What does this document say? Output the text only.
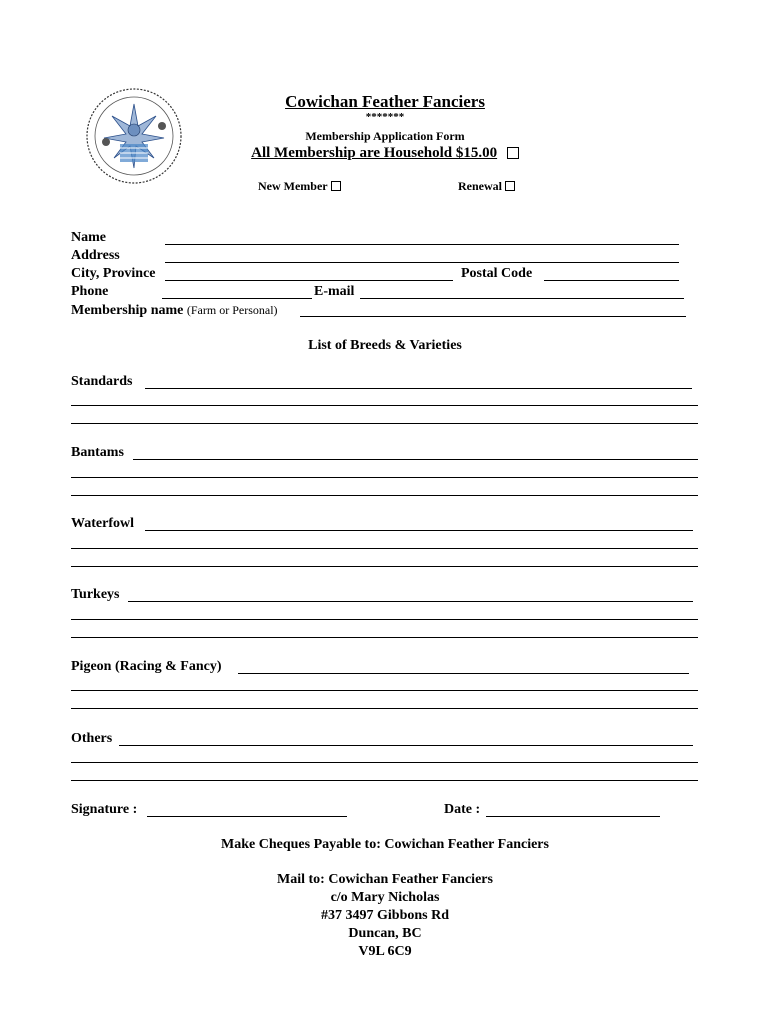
Cowichan Feather Fanciers
*******
Membership Application Form
All Membership are Household $15.00
New Member	Renewal
Name
Address
City, Province	Postal Code
Phone	E-mail
Membership name (Farm or Personal)
List of Breeds & Varieties
Standards
Bantams
Waterfowl
Turkeys
Pigeon (Racing & Fancy)
Others
Signature :	Date :
Make Cheques Payable to: Cowichan Feather Fanciers
Mail to: Cowichan Feather Fanciers
c/o Mary Nicholas
#37 3497 Gibbons Rd
Duncan, BC
V9L 6C9
